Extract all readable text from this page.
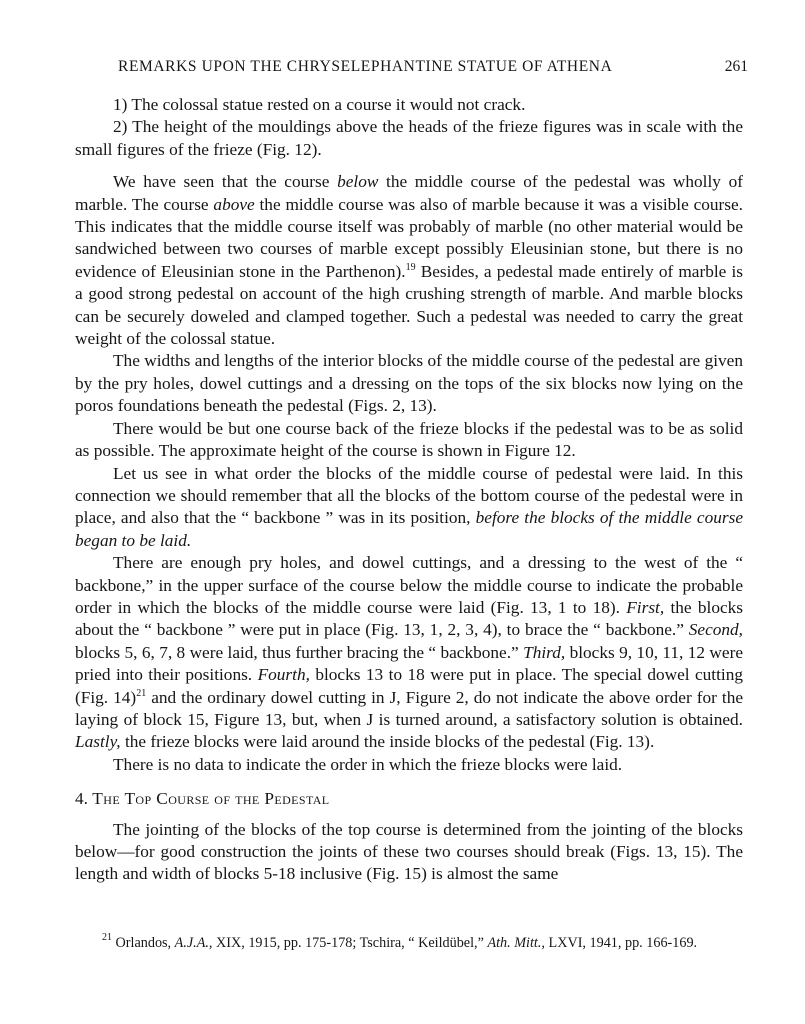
REMARKS UPON THE CHRYSELEPHANTINE STATUE OF ATHENA	261

1) The colossal statue rested on a course it would not crack.

2) The height of the mouldings above the heads of the frieze figures was in scale with the small figures of the frieze (Fig. 12).

We have seen that the course below the middle course of the pedestal was wholly of marble. The course above the middle course was also of marble because it was a visible course. This indicates that the middle course itself was probably of marble (no other material would be sandwiched between two courses of marble except possibly Eleusinian stone, but there is no evidence of Eleusinian stone in the Parthenon).$^{19}$ Besides, a pedestal made entirely of marble is a good strong pedestal on account of the high crushing strength of marble. And marble blocks can be securely doweled and clamped together. Such a pedestal was needed to carry the great weight of the colossal statue.

The widths and lengths of the interior blocks of the middle course of the pedestal are given by the pry holes, dowel cuttings and a dressing on the tops of the six blocks now lying on the poros foundations beneath the pedestal (Figs. 2, 13).

There would be but one course back of the frieze blocks if the pedestal was to be as solid as possible. The approximate height of the course is shown in Figure 12.

Let us see in what order the blocks of the middle course of pedestal were laid. In this connection we should remember that all the blocks of the bottom course of the pedestal were in place, and also that the “ backbone ” was in its position, before the blocks of the middle course began to be laid.

There are enough pry holes, and dowel cuttings, and a dressing to the west of the “ backbone,” in the upper surface of the course below the middle course to indicate the probable order in which the blocks of the middle course were laid (Fig. 13, 1 to 18). First, the blocks about the “ backbone ” were put in place (Fig. 13, 1, 2, 3, 4), to brace the “ backbone.” Second, blocks 5, 6, 7, 8 were laid, thus further bracing the “ backbone.” Third, blocks 9, 10, 11, 12 were pried into their positions. Fourth, blocks 13 to 18 were put in place. The special dowel cutting (Fig. 14)$^{21}$ and the ordinary dowel cutting in J, Figure 2, do not indicate the above order for the laying of block 15, Figure 13, but, when J is turned around, a satisfactory solution is obtained. Lastly, the frieze blocks were laid around the inside blocks of the pedestal (Fig. 13).

There is no data to indicate the order in which the frieze blocks were laid.

4. The Top Course of the Pedestal

The jointing of the blocks of the top course is determined from the jointing of the blocks below—for good construction the joints of these two courses should break (Figs. 13, 15). The length and width of blocks 5-18 inclusive (Fig. 15) is almost the same

$^{21}$ Orlandos, A.J.A., XIX, 1915, pp. 175-178; Tschira, “ Keildübel,” Ath. Mitt., LXVI, 1941, pp. 166-169.
